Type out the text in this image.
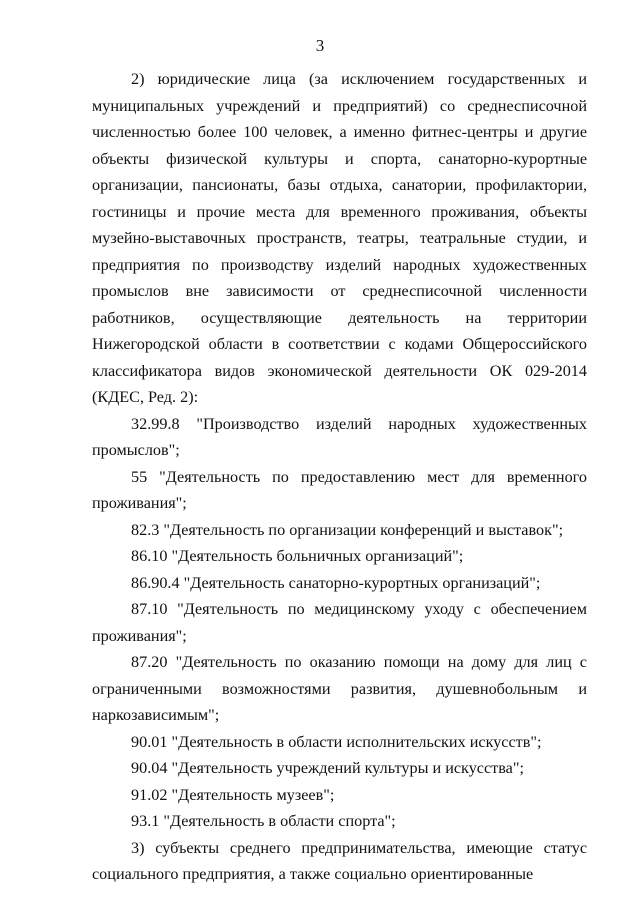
3

2) юридические лица (за исключением государственных и муниципальных учреждений и предприятий) со среднесписочной численностью более 100 человек, а именно фитнес-центры и другие объекты физической культуры и спорта, санаторно-курортные организации, пансионаты, базы отдыха, санатории, профилактории, гостиницы и прочие места для временного проживания, объекты музейно-выставочных пространств, театры, театральные студии, и предприятия по производству изделий народных художественных промыслов вне зависимости от среднесписочной численности работников, осуществляющие деятельность на территории Нижегородской области в соответствии с кодами Общероссийского классификатора видов экономической деятельности ОК 029-2014 (КДЕС, Ред. 2):

32.99.8 "Производство изделий народных художественных промыслов";

55 "Деятельность по предоставлению мест для временного проживания";

82.3 "Деятельность по организации конференций и выставок";

86.10 "Деятельность больничных организаций";

86.90.4 "Деятельность санаторно-курортных организаций";

87.10 "Деятельность по медицинскому уходу с обеспечением проживания";

87.20 "Деятельность по оказанию помощи на дому для лиц с ограниченными возможностями развития, душевнобольным и наркозависимым";

90.01 "Деятельность в области исполнительских искусств";

90.04 "Деятельность учреждений культуры и искусства";

91.02 "Деятельность музеев";

93.1 "Деятельность в области спорта";

3) субъекты среднего предпринимательства, имеющие статус социального предприятия, а также социально ориентированные
